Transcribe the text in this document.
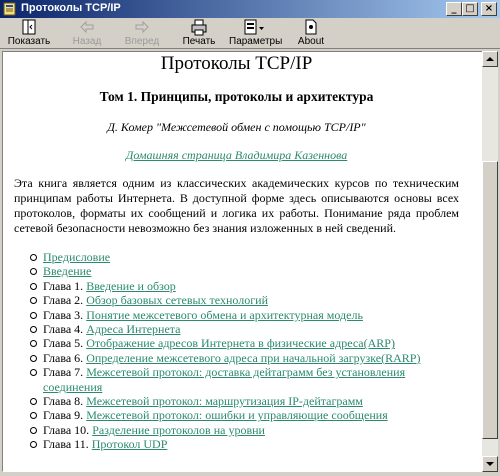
Протоколы TCP/IP	_ □	×
Показать Назад Вперед Печать Параметры About
Протоколы TCP/IP
Том 1. Принципы, протоколы и архитектура

Д. Комер "Межсетевой обмен с помощью TCP/IP"

Домашняя страница Владимира Казеннова

Эта книга является одним из классических академических курсов по техническим принципам работы Интернета. В доступной форме здесь описываются основы всех протоколов, форматы их сообщений и логика их работы. Понимание ряда проблем сетевой безопасности невозможно без знания изложенных в ней сведений.

Предисловие
Введение
Глава 1. Введение и обзор
Глава 2. Обзор базовых сетевых технологий
Глава 3. Понятие межсетевого обмена и архитектурная модель
Глава 4. Адреса Интернета
Глава 5. Отображение адресов Интернета в физические адреса(ARP)
Глава 6. Определение межсетевого адреса при начальной загрузке(RARP)
Глава 7. Межсетевой протокол: доставка дейтаграмм без установления соединения
Глава 8. Межсетевой протокол: маршрутизация IP-дейтаграмм
Глава 9. Межсетевой протокол: ошибки и управляющие сообщения
Глава 10. Разделение протоколов на уровни
Глава 11. Протокол UDP
